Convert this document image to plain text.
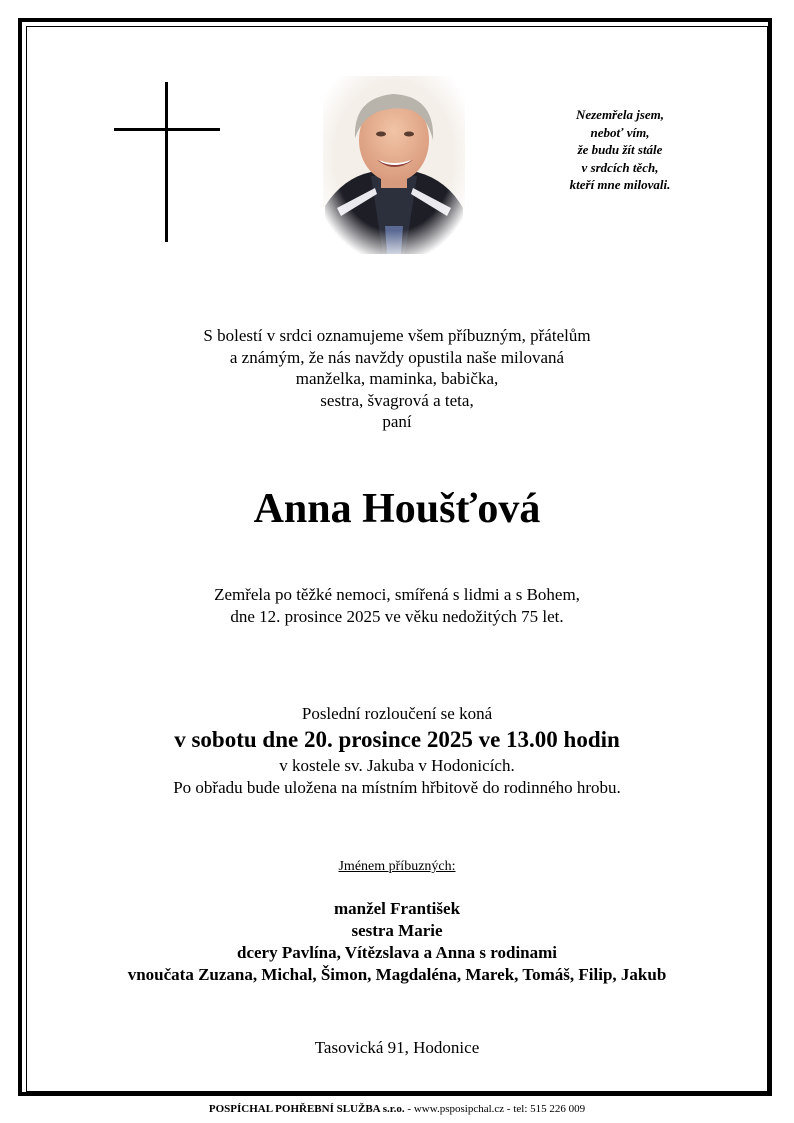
Nezemřela jsem,
neboť vím,
že budu žít stále
v srdcích těch,
kteří mne milovali.
S bolestí v srdci oznamujeme všem příbuzným, přátelům
a známým, že nás navždy opustila naše milovaná
manželka, maminka, babička,
sestra, švagrová a teta,
paní
Anna Houšťová
Zemřela po těžké nemoci, smířená s lidmi a s Bohem,
dne 12. prosince 2025 ve věku nedožitých 75 let.
Poslední rozloučení se koná
v sobotu dne 20. prosince 2025 ve 13.00 hodin
v kostele sv. Jakuba v Hodonicích.
Po obřadu bude uložena na místním hřbitově do rodinného hrobu.
Jménem příbuzných:
manžel František
sestra Marie
dcery Pavlína, Vítězslava a Anna s rodinami
vnoučata Zuzana, Michal, Šimon, Magdaléna, Marek, Tomáš, Filip, Jakub
Tasovická 91, Hodonice
POSPÍCHAL POHŘEBNÍ SLUŽBA s.r.o. - www.psposipchal.cz - tel: 515 226 009
